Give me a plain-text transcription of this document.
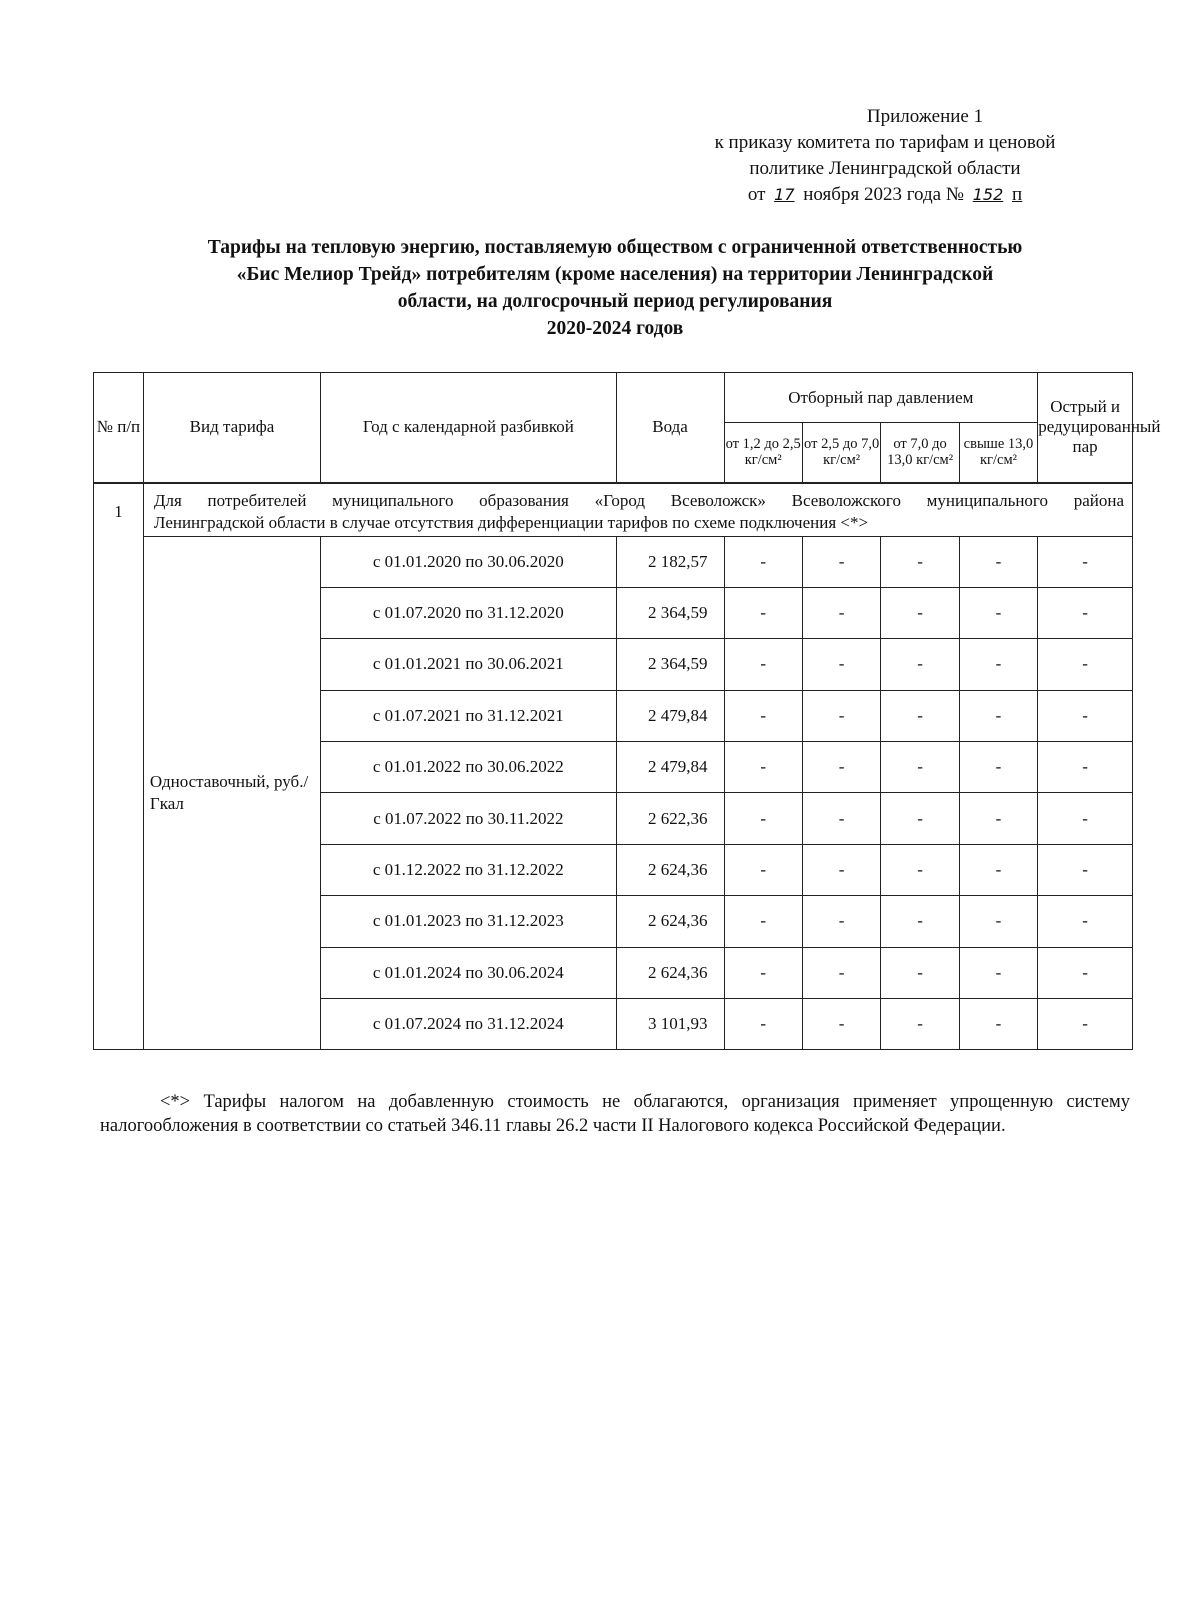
Приложение 1
к приказу комитета по тарифам и ценовой
политике Ленинградской области
от 17 ноября 2023 года № 152 п
Тарифы на тепловую энергию, поставляемую обществом с ограниченной ответственностью
«Бис Мелиор Трейд» потребителям (кроме населения) на территории Ленинградской
области, на долгосрочный период регулирования
2020-2024 годов
№ п/п	Вид тарифа	Год с календарной разбивкой	Вода	Отборный пар давлением				Острый и редуцированный пар
				от 1,2 до 2,5 кг/см²	от 2,5 до 7,0 кг/см²	от 7,0 до 13,0 кг/см²	свыше 13,0 кг/см²	
1	Для потребителей муниципального образования «Город Всеволожск» Всеволожского муниципального района
Ленинградской области в случае отсутствия дифференциации тарифов по схеме подключения <*>							

	Одноставочный, руб./Гкал	с 01.01.2020 по 30.06.2020	2 182,57	-	-	-	-	-
		с 01.07.2020 по 31.12.2020	2 364,59	-	-	-	-	-
		с 01.01.2021 по 30.06.2021	2 364,59	-	-	-	-	-
		с 01.07.2021 по 31.12.2021	2 479,84	-	-	-	-	-
		с 01.01.2022 по 30.06.2022	2 479,84	-	-	-	-	-
		с 01.07.2022 по 30.11.2022	2 622,36	-	-	-	-	-
		с 01.12.2022 по 31.12.2022	2 624,36	-	-	-	-	-
		с 01.01.2023 по 31.12.2023	2 624,36	-	-	-	-	-
		с 01.01.2024 по 30.06.2024	2 624,36	-	-	-	-	-
		с 01.07.2024 по 31.12.2024	3 101,93	-	-	-	-	-
<*> Тарифы налогом на добавленную стоимость не облагаются, организация применяет упрощенную систему налогообложения в соответствии со статьей 346.11 главы 26.2 части II Налогового кодекса Российской Федерации.
